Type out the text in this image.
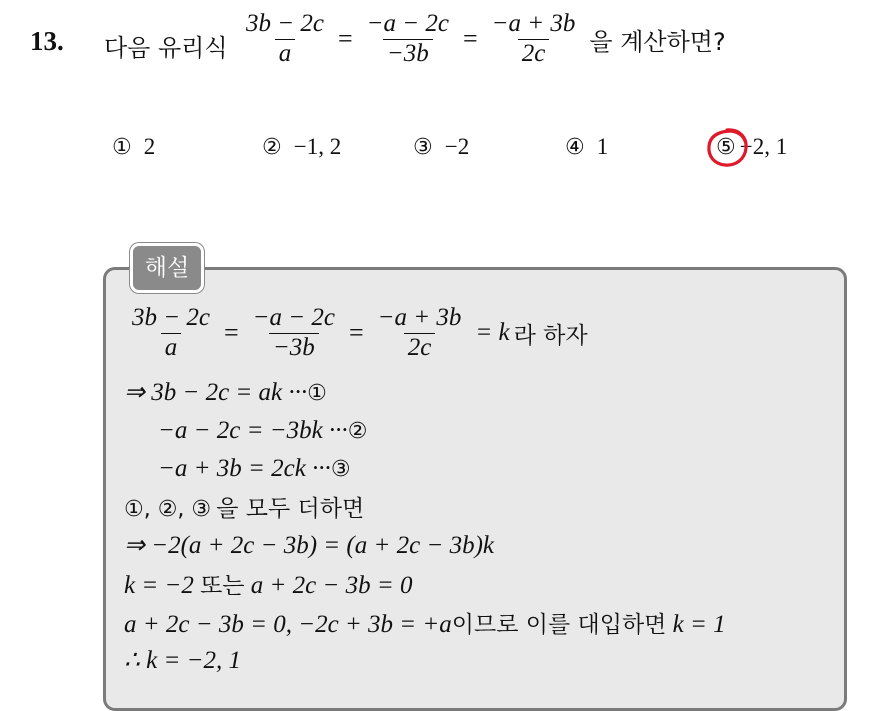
13. 다음 유리식 $\frac{3b - 2c}{a} = \frac{-a - 2c}{-3b} = \frac{-a + 3b}{2c}$ 을 계산하면?
① 2	② −1, 2	③ −2	④ 1	⑤ −2, 1
해설
$\frac{3b - 2c}{a} = \frac{-a - 2c}{-3b} = \frac{-a + 3b}{2c} = k$ 라 하자
⇒ 3b − 2c = ak ···①
−a − 2c = −3bk ···②
−a + 3b = 2ck ···③
①, ②, ③ 을 모두 더하면
⇒ −2(a + 2c − 3b) = (a + 2c − 3b)k
k = −2 또는 a + 2c − 3b = 0
a + 2c − 3b = 0, −2c + 3b = +a이므로 이를 대입하면 k = 1
∴ k = −2, 1
